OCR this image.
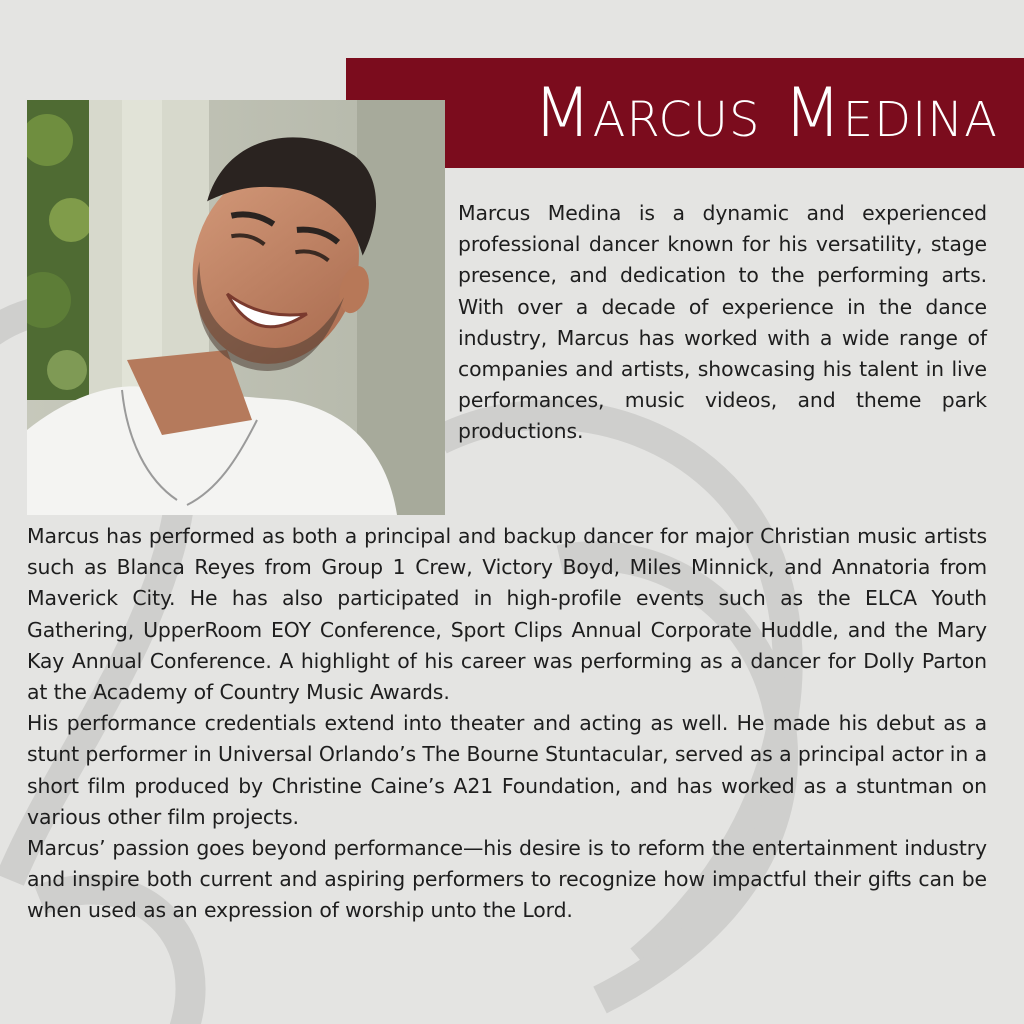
Marcus Medina

Marcus Medina is a dynamic and experienced professional dancer known for his versatility, stage presence, and dedication to the performing arts. With over a decade of experience in the dance industry, Marcus has worked with a wide range of companies and artists, showcasing his talent in live performances, music videos, and theme park productions.

Marcus has performed as both a principal and backup dancer for major Christian music artists such as Blanca Reyes from Group 1 Crew, Victory Boyd, Miles Minnick, and Annatoria from Maverick City. He has also participated in high-profile events such as the ELCA Youth Gathering, UpperRoom EOY Conference, Sport Clips Annual Corporate Huddle, and the Mary Kay Annual Conference. A highlight of his career was performing as a dancer for Dolly Parton at the Academy of Country Music Awards.

His performance credentials extend into theater and acting as well. He made his debut as a stunt performer in Universal Orlando’s The Bourne Stuntacular, served as a principal actor in a short film produced by Christine Caine’s A21 Foundation, and has worked as a stuntman on various other film projects.

Marcus’ passion goes beyond performance—his desire is to reform the entertainment industry and inspire both current and aspiring performers to recognize how impactful their gifts can be when used as an expression of worship unto the Lord.
